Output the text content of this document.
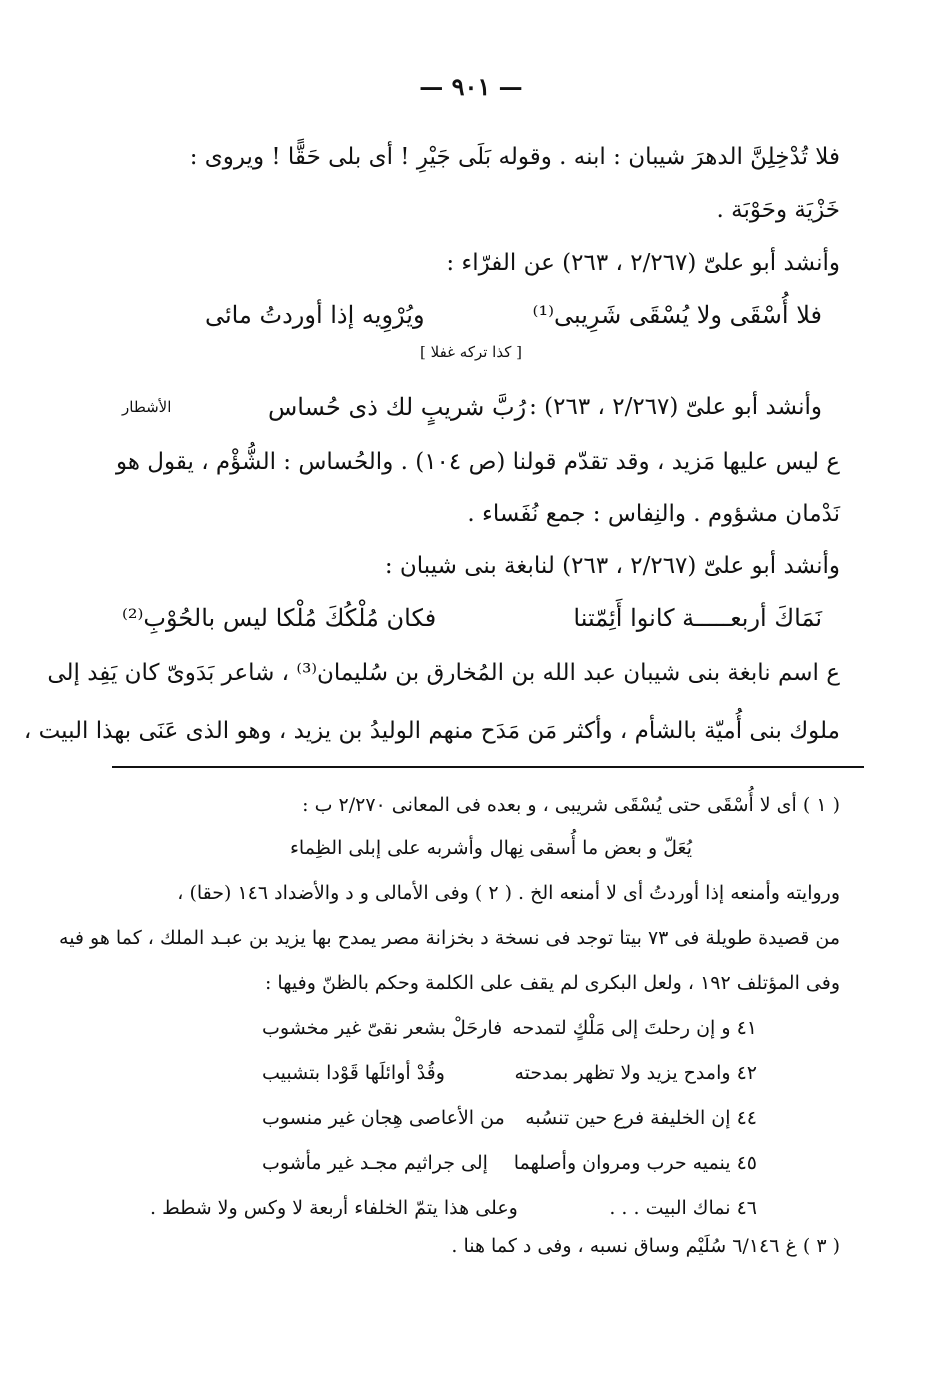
— ٩٠١ —
فلا تُدْخِلِنَّ الدهرَ شيبان : ابنه . وقوله بَلَى جَيْرِ ! أى بلى حَقًّا ! ويروى :
خَزْيَة وحَوْبَة .
وأنشد أبو علىّ (٢/٢٦٧ ، ٢٦٣) عن الفرّاء :
فلا أُسْقَى ولا يُسْقَى شَرِيبى⁽¹⁾
ويُرْوِيه إذا أوردتُ مائى
[ كذا تركه غفلا ]
وأنشد أبو علىّ (٢/٢٦٧ ، ٢٦٣) :
رُبَّ شريبٍ لك ذى حُساس
الأشطار
ع ليس عليها مَزيد ، وقد تقدّم قولنا (ص ١٠٤) . والحُساس : الشُّؤْم ، يقول هو
نَدْمان مشؤوم . والنِفاس : جمع نُفَساء .
وأنشد أبو علىّ (٢/٢٦٧ ، ٢٦٣) لنابغة بنى شيبان :
نَمَاكَ أربعـــــة كانوا أَئِمّتنا
فكان مُلْكُكَ مُلْكا ليس بالحُوْبِ⁽²⁾
ع اسم نابغة بنى شيبان عبد الله بن المُخارق بن سُليمان⁽³⁾ ، شاعر بَدَوىّ كان يَفِد إلى
ملوك بنى أُميّة بالشأم ، وأكثر مَن مَدَح منهم الوليدُ بن يزيد ، وهو الذى عَنَى بهذا البيت ،
( ١ ) أى لا أُسْقَى حتى يُسْقَى شريبى ، و بعده فى المعانى ٢/٢٧٠ ب :
يُعَلّ و بعض ما أُسقى نِهال
وأشربه على إبلى الظِماء
وروايته وأمنعه إذا أوردتُ أى لا أمنعه الخ . ( ٢ ) وفى الأمالى و د والأضداد ١٤٦ (حقا) ،
من قصيدة طويلة فى ٧٣ بيتا توجد فى نسخة د بخزانة مصر يمدح بها يزيد بن عبـد الملك ، كما هو فيه
وفى المؤتلف ١٩٢ ، ولعل البكرى لم يقف على الكلمة وحكم بالظنّ وفيها :
٤١ و إن رحلتَ إلى مَلْكٍ لتمدحه
فارحَلْ بشعر نقىّ غير مخشوب
٤٢ وامدح يزيد ولا تظهر بمدحته
وقُدْ أوائلَها قَوْدا بتشبيب
٤٤ إن الخليفة فرع حين تنسُبه
من الأعاصى هِجان غير منسوب
٤٥ ينميه حرب ومروان وأصلهما
إلى جراثيم مجـد غير مأشوب
٤٦ نماك البيت . . .
وعلى هذا يتمّ الخلفاء أربعة لا وكس ولا شطط .
( ٣ ) غ ٦/١٤٦ سُلَيْم وساق نسبه ، وفى د كما هنا .
